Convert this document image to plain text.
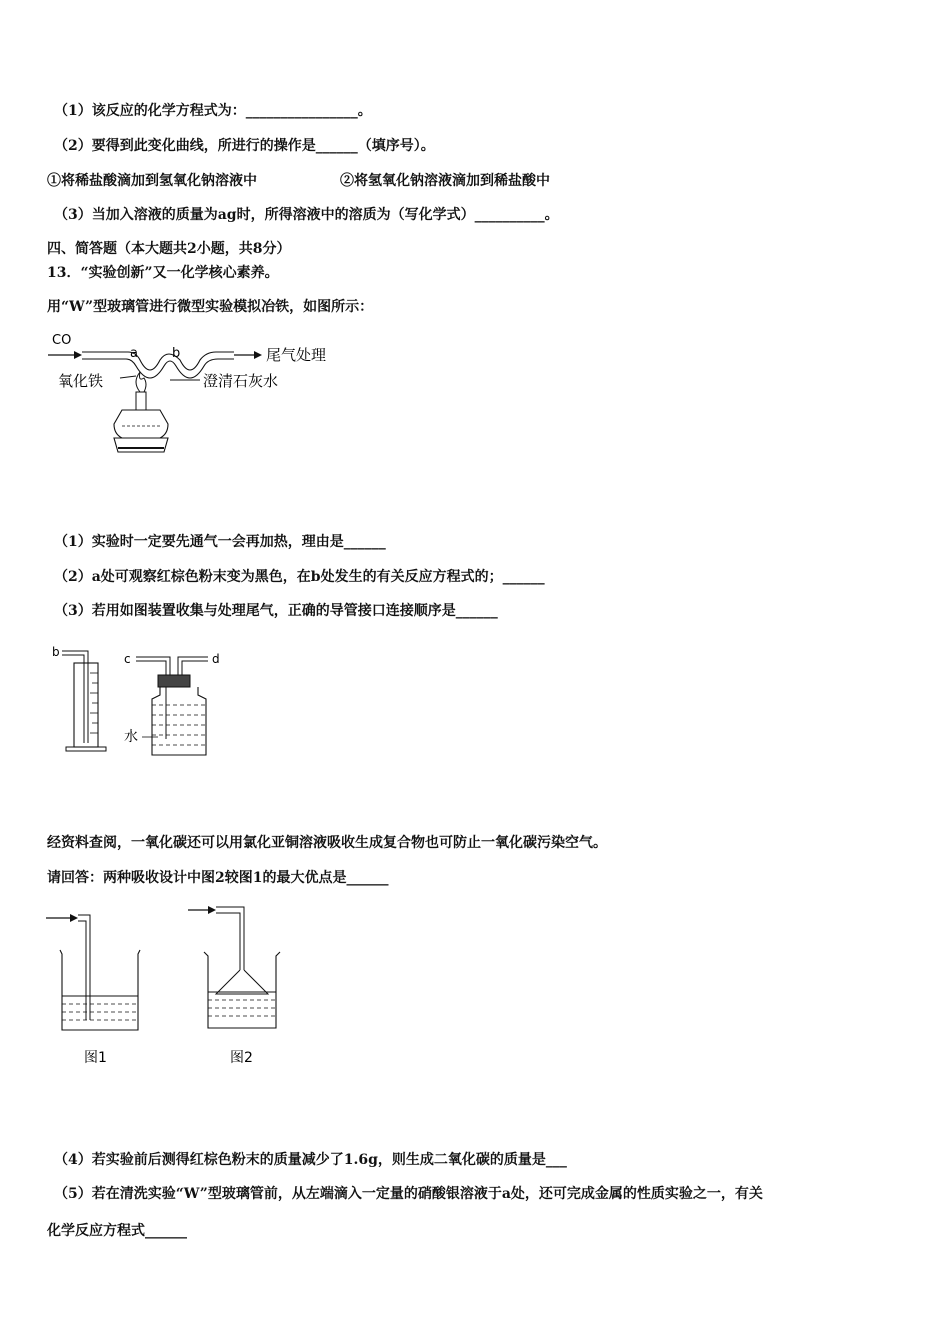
（1）该反应的化学方程式为：________________。
（2）要得到此变化曲线，所进行的操作是______（填序号）。
①将稀盐酸滴加到氢氧化钠溶液中	②将氢氧化钠溶液滴加到稀盐酸中
（3）当加入溶液的质量为ag时，所得溶液中的溶质为（写化学式）__________。
四、简答题（本大题共2小题，共8分）
13．“实验创新”又一化学核心素养。
用“W”型玻璃管进行微型实验模拟冶铁，如图所示：
CO
a	b	尾气处理
氧化铁	澄清石灰水
（1）实验时一定要先通气一会再加热，理由是______
（2）a处可观察红棕色粉末变为黑色，在b处发生的有关反应方程式的；______
（3）若用如图装置收集与处理尾气，正确的导管接口连接顺序是______
b	c	d
水
经资料查阅，一氧化碳还可以用氯化亚铜溶液吸收生成复合物也可防止一氧化碳污染空气。
请回答：两种吸收设计中图2较图1的最大优点是______
图1	图2
（4）若实验前后测得红棕色粉末的质量减少了1.6g，则生成二氧化碳的质量是___
（5）若在清洗实验“W”型玻璃管前，从左端滴入一定量的硝酸银溶液于a处，还可完成金属的性质实验之一，有关
化学反应方程式______
